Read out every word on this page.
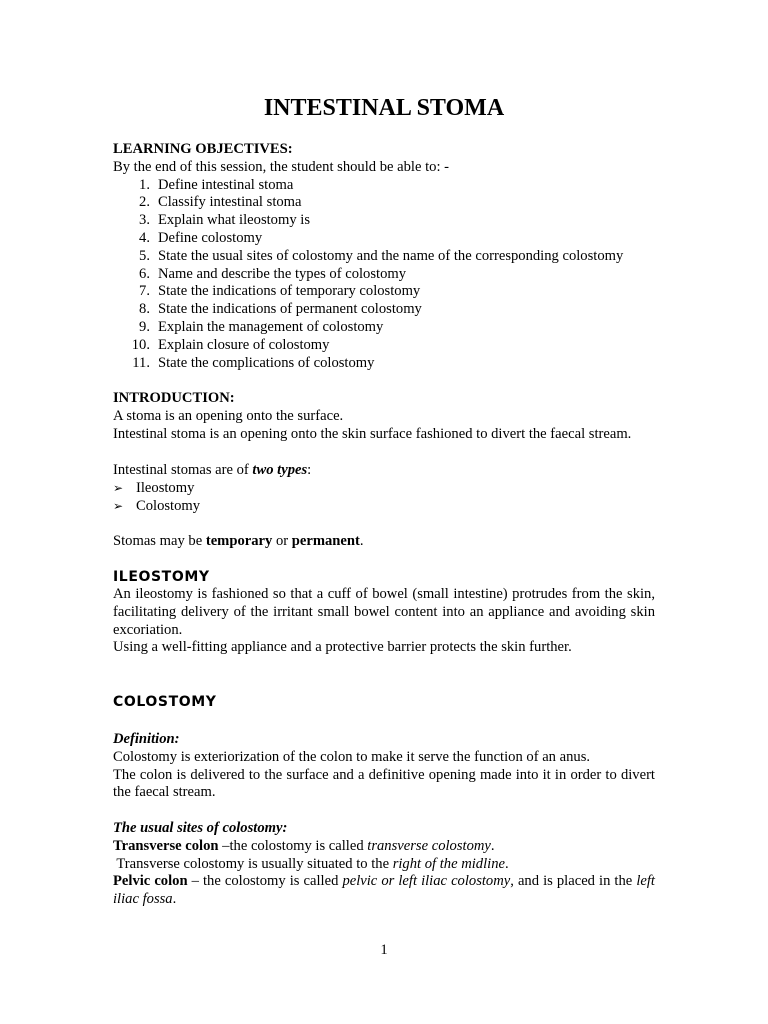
INTESTINAL STOMA

LEARNING OBJECTIVES:

By the end of this session, the student should be able to: -

1. Define intestinal stoma
2. Classify intestinal stoma
3. Explain what ileostomy is
4. Define colostomy
5. State the usual sites of colostomy and the name of the corresponding colostomy
6. Name and describe the types of colostomy
7. State the indications of temporary colostomy
8. State the indications of permanent colostomy
9. Explain the management of colostomy
10. Explain closure of colostomy
11. State the complications of colostomy

INTRODUCTION:

A stoma is an opening onto the surface.

Intestinal stoma is an opening onto the skin surface fashioned to divert the faecal stream.

Intestinal stomas are of two types:

➢ Ileostomy
➢ Colostomy

Stomas may be temporary or permanent.

ILEOSTOMY

An ileostomy is fashioned so that a cuff of bowel (small intestine) protrudes from the skin, facilitating delivery of the irritant small bowel content into an appliance and avoiding skin excoriation.

Using a well-fitting appliance and a protective barrier protects the skin further.

COLOSTOMY

Definition:

Colostomy is exteriorization of the colon to make it serve the function of an anus.

The colon is delivered to the surface and a definitive opening made into it in order to divert the faecal stream.

The usual sites of colostomy:

Transverse colon –the colostomy is called transverse colostomy.

Transverse colostomy is usually situated to the right of the midline.

Pelvic colon – the colostomy is called pelvic or left iliac colostomy, and is placed in the left iliac fossa.

1
